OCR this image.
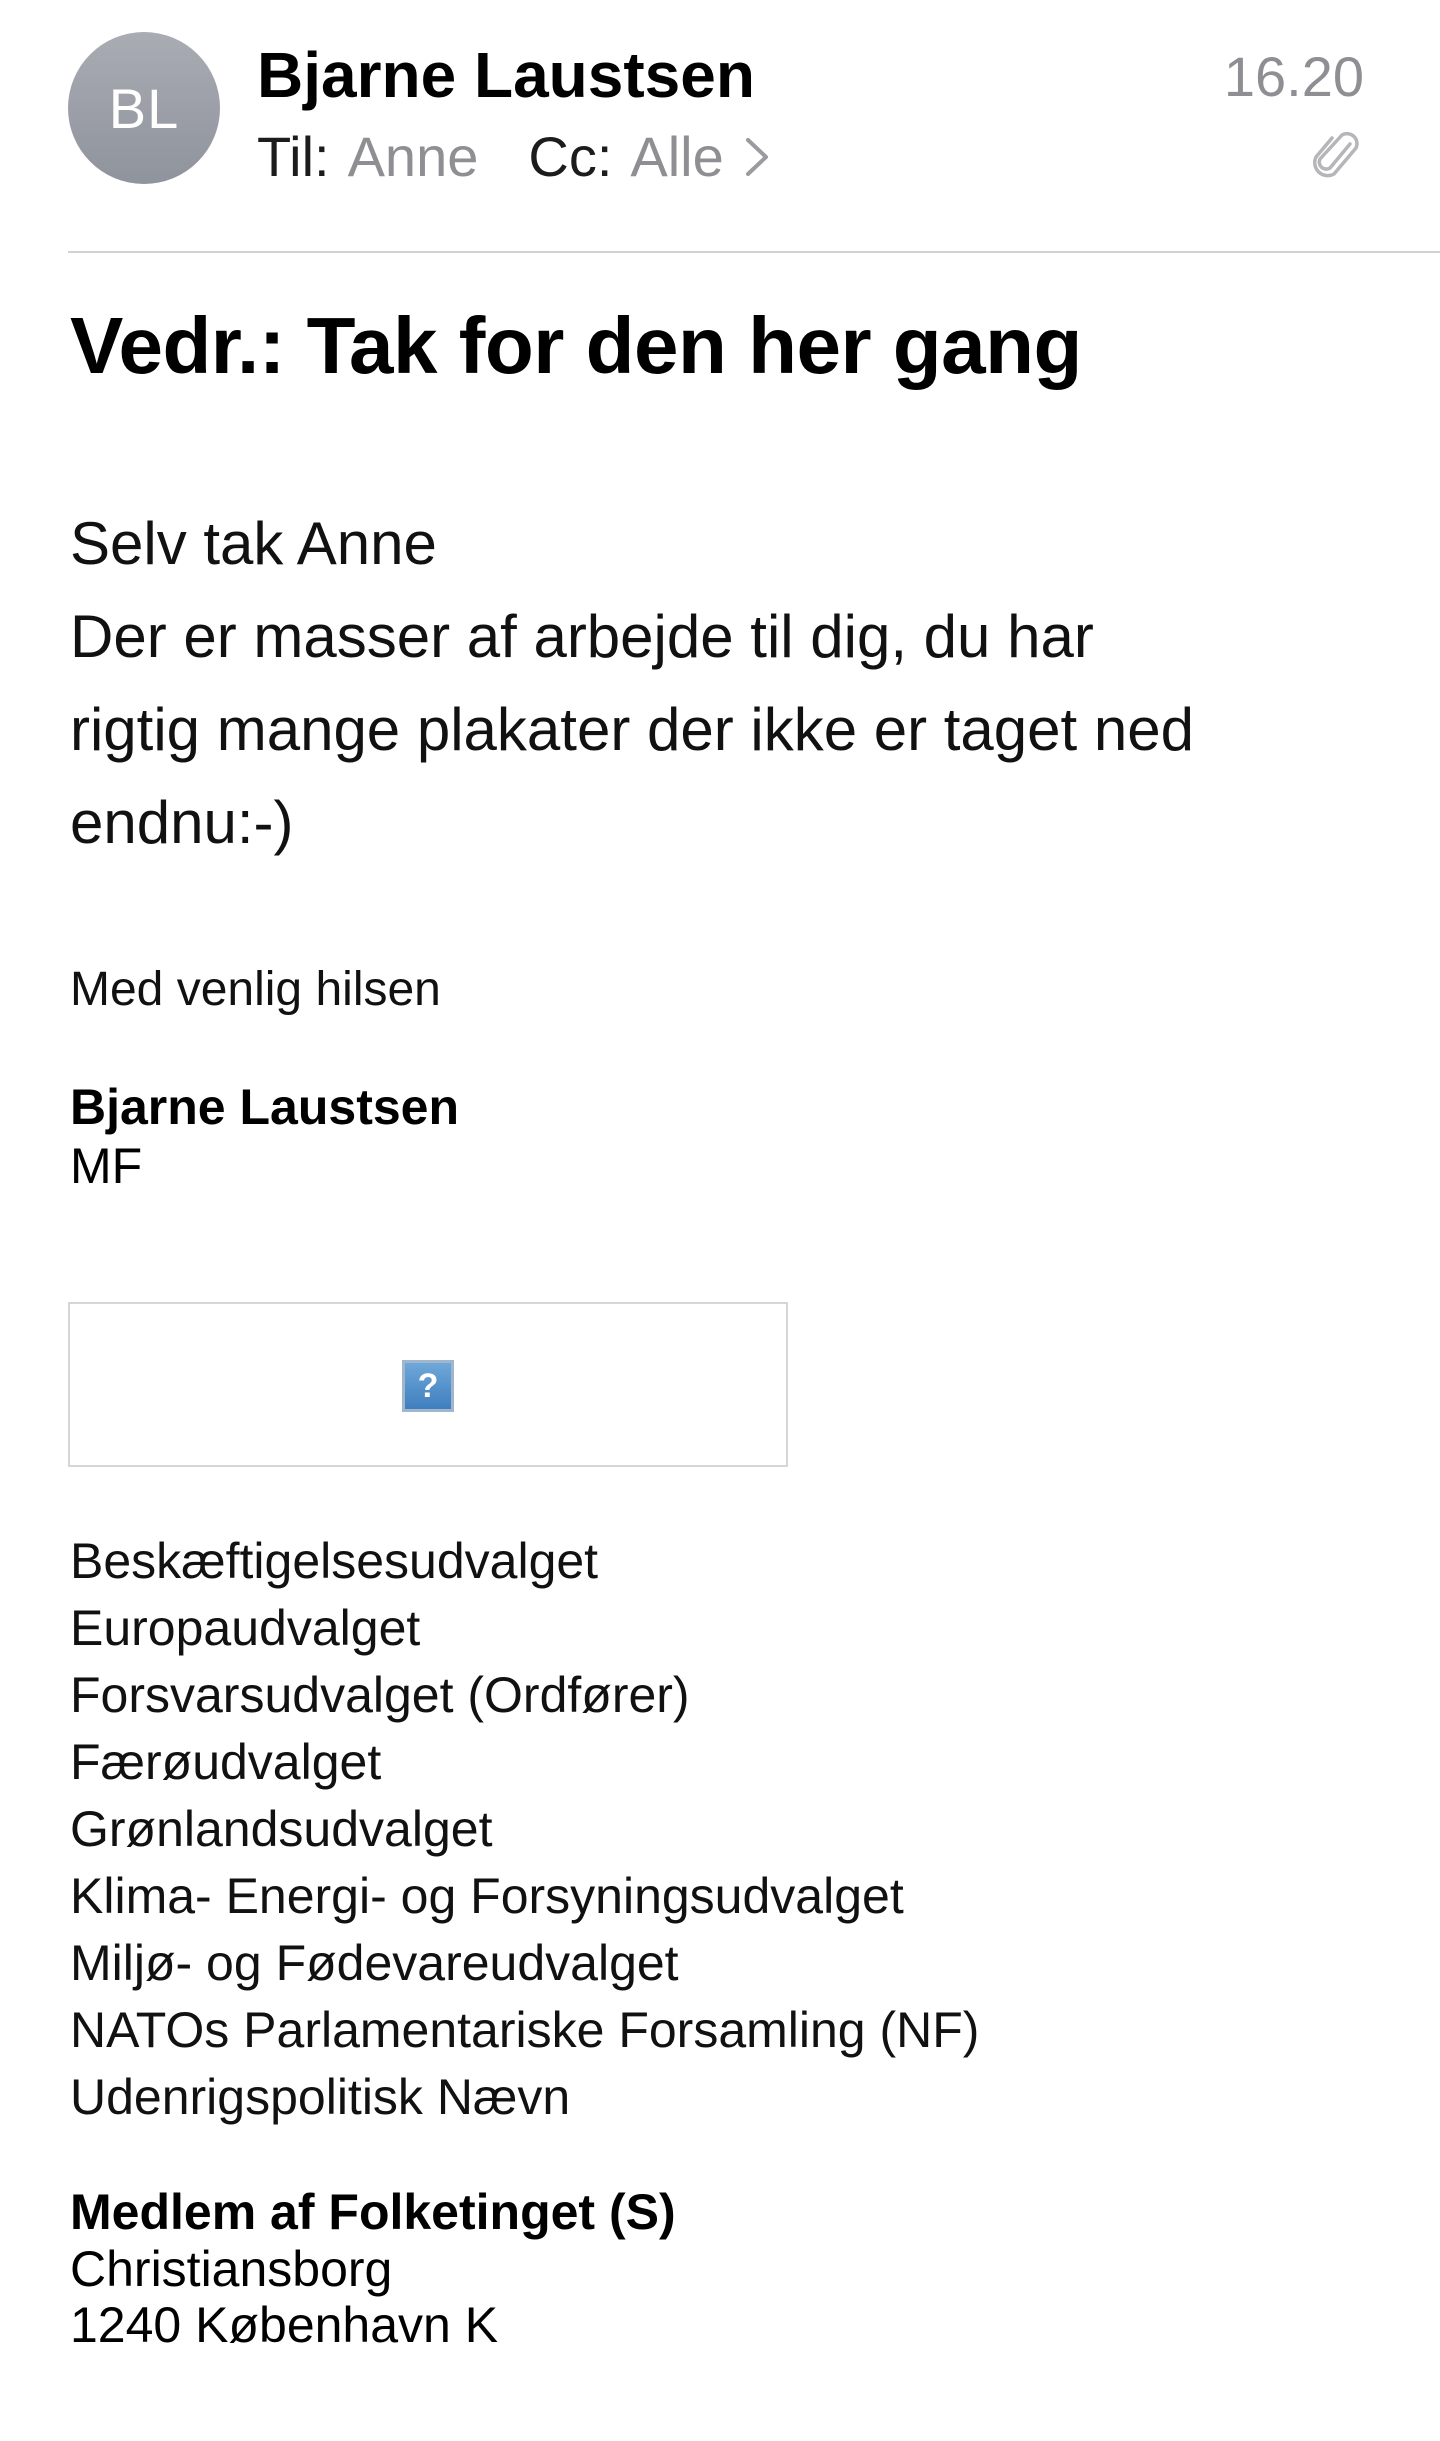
BL Bjarne Laustsen
Til: Anne Cc: Alle
16.20
Vedr.: Tak for den her gang
Selv tak Anne
Der er masser af arbejde til dig, du har
rigtig mange plakater der ikke er taget ned
endnu:-)
Med venlig hilsen
Bjarne Laustsen
MF
?
Beskæftigelsesudvalget
Europaudvalget
Forsvarsudvalget (Ordfører)
Færøudvalget
Grønlandsudvalget
Klima- Energi- og Forsyningsudvalget
Miljø- og Fødevareudvalget
NATOs Parlamentariske Forsamling (NF)
Udenrigspolitisk Nævn
Medlem af Folketinget (S)
Christiansborg
1240 København K
